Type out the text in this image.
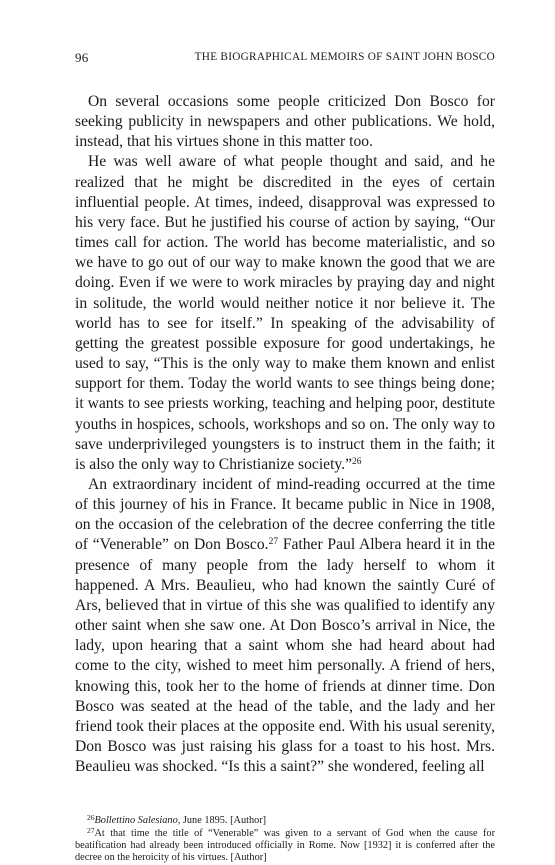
96	THE BIOGRAPHICAL MEMOIRS OF SAINT JOHN BOSCO

On several occasions some people criticized Don Bosco for seeking publicity in newspapers and other publications. We hold, instead, that his virtues shone in this matter too.

He was well aware of what people thought and said, and he realized that he might be discredited in the eyes of certain influential people. At times, indeed, disapproval was expressed to his very face. But he justified his course of action by saying, “Our times call for action. The world has become materialistic, and so we have to go out of our way to make known the good that we are doing. Even if we were to work miracles by praying day and night in solitude, the world would neither notice it nor believe it. The world has to see for itself.” In speaking of the advisability of getting the greatest possible exposure for good undertakings, he used to say, “This is the only way to make them known and enlist support for them. Today the world wants to see things being done; it wants to see priests working, teaching and helping poor, destitute youths in hospices, schools, workshops and so on. The only way to save underprivileged youngsters is to instruct them in the faith; it is also the only way to Christianize society.”$^{26}$

An extraordinary incident of mind-reading occurred at the time of this journey of his in France. It became public in Nice in 1908, on the occasion of the celebration of the decree conferring the title of “Venerable” on Don Bosco.$^{27}$ Father Paul Albera heard it in the presence of many people from the lady herself to whom it happened. A Mrs. Beaulieu, who had known the saintly Curé of Ars, believed that in virtue of this she was qualified to identify any other saint when she saw one. At Don Bosco’s arrival in Nice, the lady, upon hearing that a saint whom she had heard about had come to the city, wished to meet him personally. A friend of hers, knowing this, took her to the home of friends at dinner time. Don Bosco was seated at the head of the table, and the lady and her friend took their places at the opposite end. With his usual serenity, Don Bosco was just raising his glass for a toast to his host. Mrs. Beaulieu was shocked. “Is this a saint?” she wondered, feeling all

$^{26}$Bollettino Salesiano, June 1895. [Author]

$^{27}$At that time the title of “Venerable” was given to a servant of God when the cause for beatification had already been introduced officially in Rome. Now [1932] it is conferred after the decree on the heroicity of his virtues. [Author]
